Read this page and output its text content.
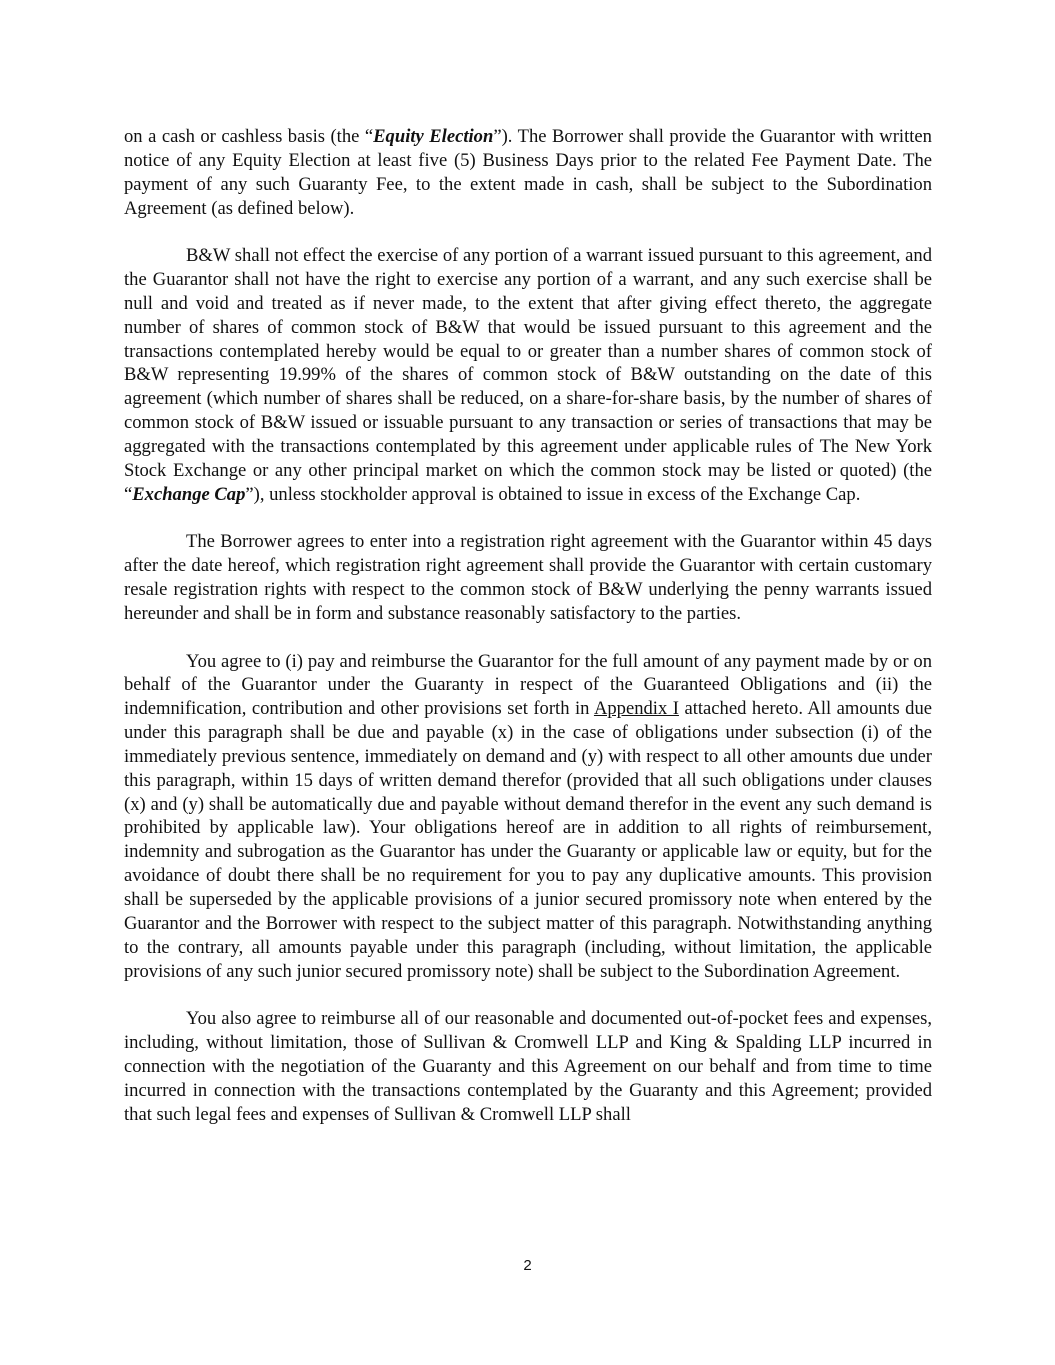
on a cash or cashless basis (the “Equity Election”). The Borrower shall provide the Guarantor with written notice of any Equity Election at least five (5) Business Days prior to the related Fee Payment Date. The payment of any such Guaranty Fee, to the extent made in cash, shall be subject to the Subordination Agreement (as defined below).

B&W shall not effect the exercise of any portion of a warrant issued pursuant to this agreement, and the Guarantor shall not have the right to exercise any portion of a warrant, and any such exercise shall be null and void and treated as if never made, to the extent that after giving effect thereto, the aggregate number of shares of common stock of B&W that would be issued pursuant to this agreement and the transactions contemplated hereby would be equal to or greater than a number shares of common stock of B&W representing 19.99% of the shares of common stock of B&W outstanding on the date of this agreement (which number of shares shall be reduced, on a share-for-share basis, by the number of shares of common stock of B&W issued or issuable pursuant to any transaction or series of transactions that may be aggregated with the transactions contemplated by this agreement under applicable rules of The New York Stock Exchange or any other principal market on which the common stock may be listed or quoted) (the “Exchange Cap”), unless stockholder approval is obtained to issue in excess of the Exchange Cap.

The Borrower agrees to enter into a registration right agreement with the Guarantor within 45 days after the date hereof, which registration right agreement shall provide the Guarantor with certain customary resale registration rights with respect to the common stock of B&W underlying the penny warrants issued hereunder and shall be in form and substance reasonably satisfactory to the parties.

You agree to (i) pay and reimburse the Guarantor for the full amount of any payment made by or on behalf of the Guarantor under the Guaranty in respect of the Guaranteed Obligations and (ii) the indemnification, contribution and other provisions set forth in Appendix I attached hereto. All amounts due under this paragraph shall be due and payable (x) in the case of obligations under subsection (i) of the immediately previous sentence, immediately on demand and (y) with respect to all other amounts due under this paragraph, within 15 days of written demand therefor (provided that all such obligations under clauses (x) and (y) shall be automatically due and payable without demand therefor in the event any such demand is prohibited by applicable law). Your obligations hereof are in addition to all rights of reimbursement, indemnity and subrogation as the Guarantor has under the Guaranty or applicable law or equity, but for the avoidance of doubt there shall be no requirement for you to pay any duplicative amounts. This provision shall be superseded by the applicable provisions of a junior secured promissory note when entered by the Guarantor and the Borrower with respect to the subject matter of this paragraph. Notwithstanding anything to the contrary, all amounts payable under this paragraph (including, without limitation, the applicable provisions of any such junior secured promissory note) shall be subject to the Subordination Agreement.

You also agree to reimburse all of our reasonable and documented out-of-pocket fees and expenses, including, without limitation, those of Sullivan & Cromwell LLP and King & Spalding LLP incurred in connection with the negotiation of the Guaranty and this Agreement on our behalf and from time to time incurred in connection with the transactions contemplated by the Guaranty and this Agreement; provided that such legal fees and expenses of Sullivan & Cromwell LLP shall

2
